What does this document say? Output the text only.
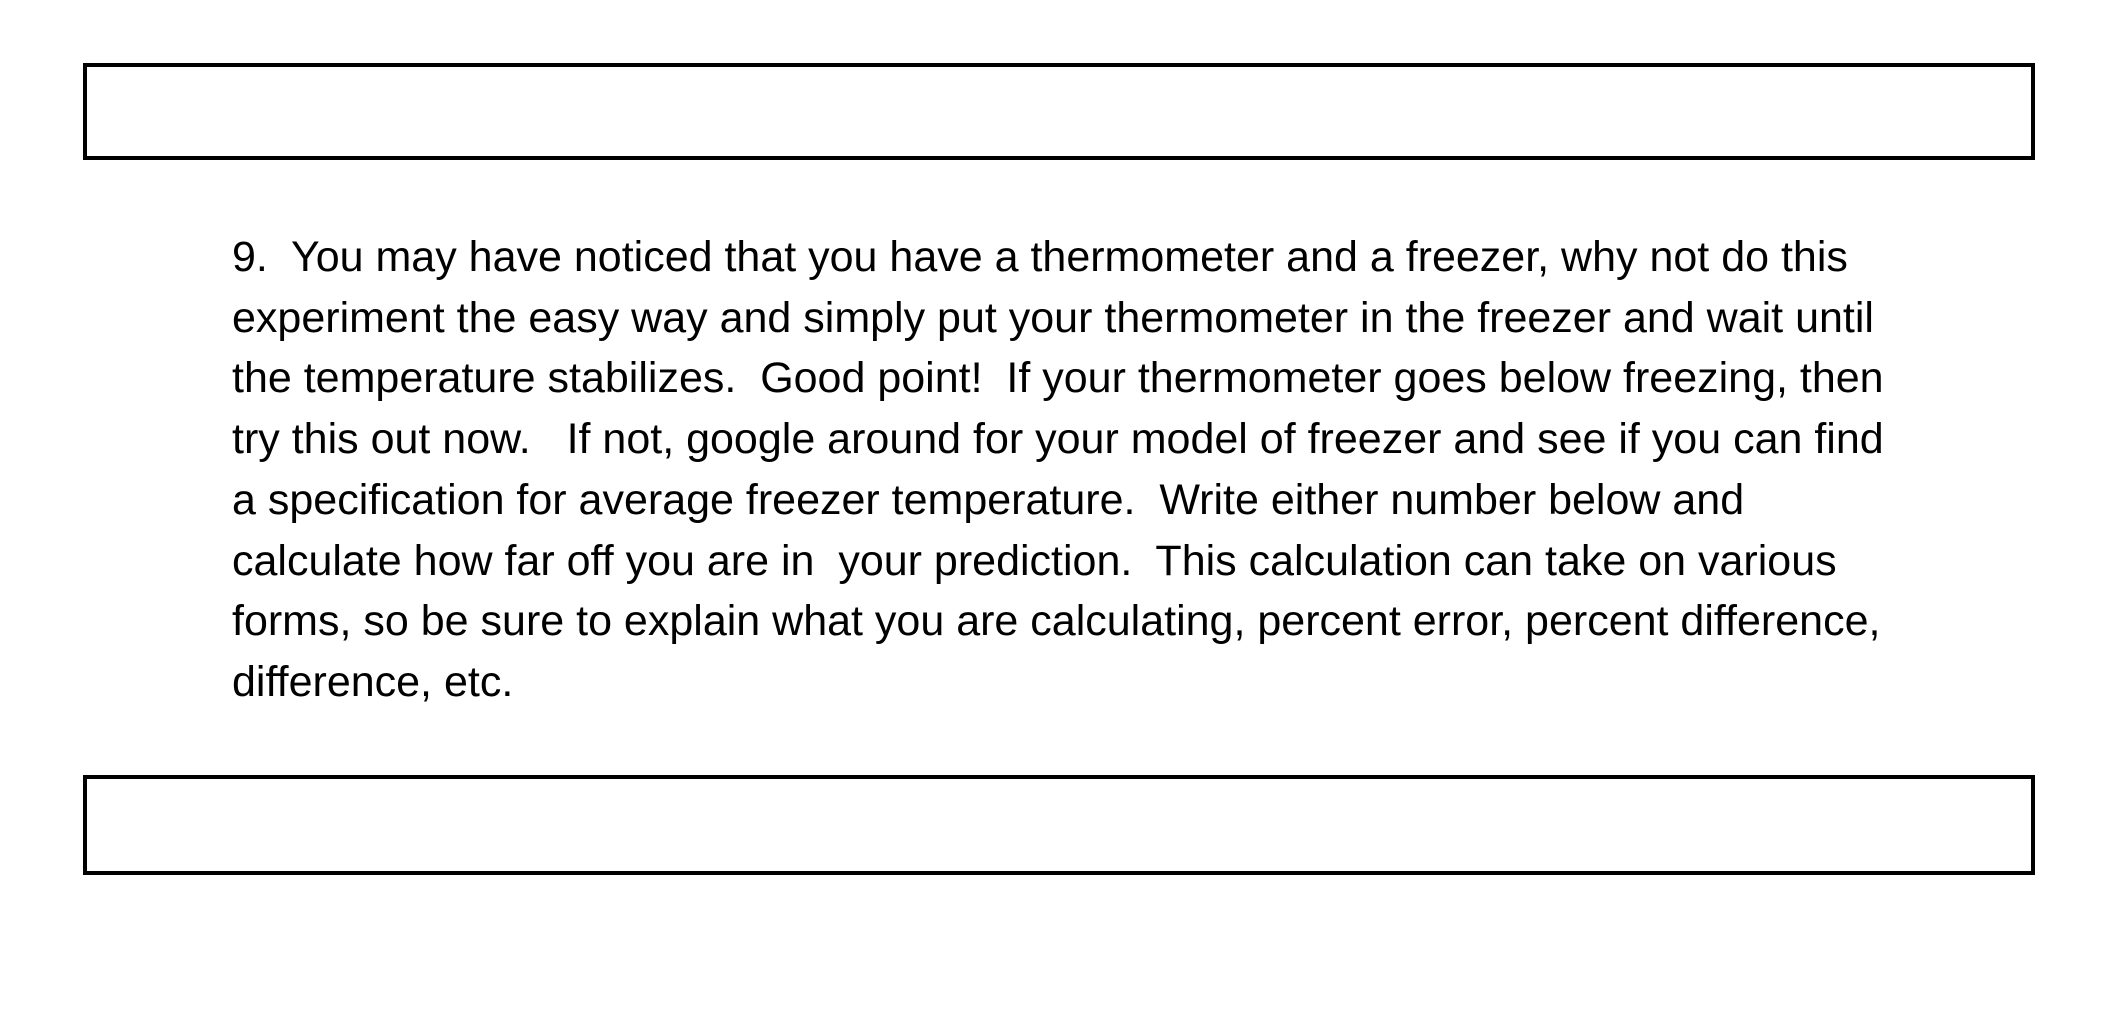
9.  You may have noticed that you have a thermometer and a freezer, why not do this
experiment the easy way and simply put your thermometer in the freezer and wait until
the temperature stabilizes.  Good point!  If your thermometer goes below freezing, then
try this out now.   If not, google around for your model of freezer and see if you can find
a specification for average freezer temperature.  Write either number below and
calculate how far off you are in  your prediction.  This calculation can take on various
forms, so be sure to explain what you are calculating, percent error, percent difference,
difference, etc.
